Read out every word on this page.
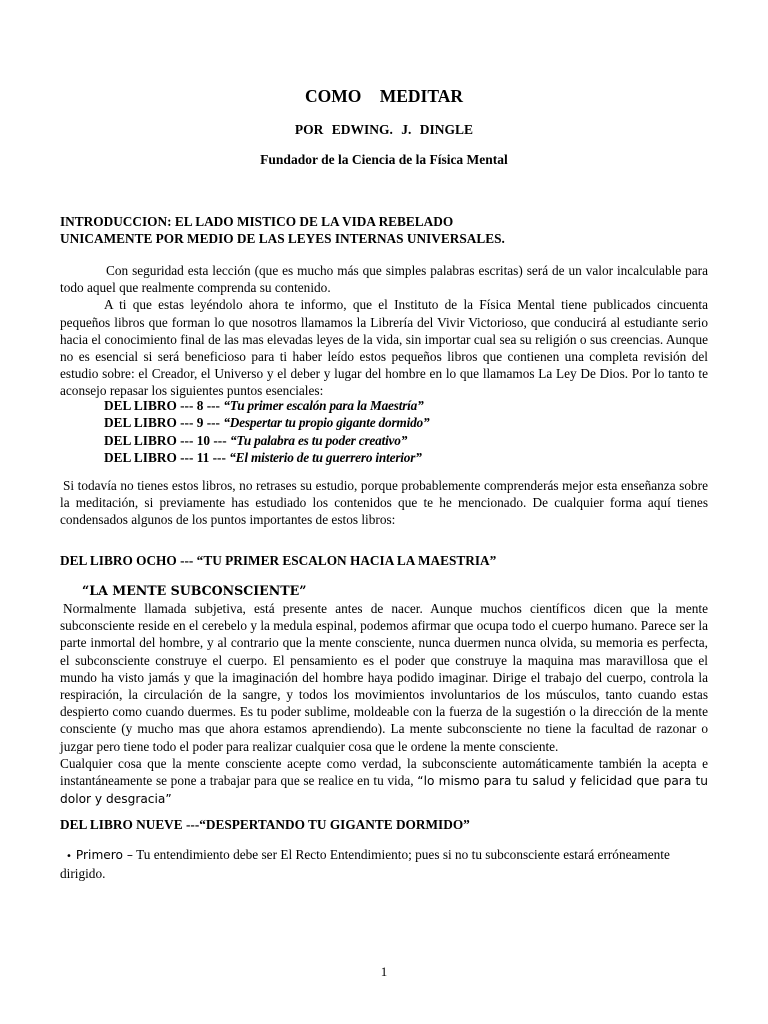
COMO MEDITAR
POR EDWING. J. DINGLE
Fundador de la Ciencia de la Física Mental
INTRODUCCION: EL LADO MISTICO DE LA VIDA REBELADO
UNICAMENTE POR MEDIO DE LAS LEYES INTERNAS UNIVERSALES.
Con seguridad esta lección (que es mucho más que simples palabras escritas) será de un valor incalculable para todo aquel que realmente comprenda su contenido.
A ti que estas leyéndolo ahora te informo, que el Instituto de la Física Mental tiene publicados cincuenta pequeños libros que forman lo que nosotros llamamos la Librería del Vivir Victorioso, que conducirá al estudiante serio hacia el conocimiento final de las mas elevadas leyes de la vida, sin importar cual sea su religión o sus creencias. Aunque no es esencial si será beneficioso para ti haber leído estos pequeños libros que contienen una completa revisión del estudio sobre: el Creador, el Universo y el deber y lugar del hombre en lo que llamamos La Ley De Dios. Por lo tanto te aconsejo repasar los siguientes puntos esenciales:
DEL LIBRO --- 8 --- “Tu primer escalón para la Maestría”
DEL LIBRO --- 9 --- “Despertar tu propio gigante dormido”
DEL LIBRO --- 10 --- “Tu palabra es tu poder creativo”
DEL LIBRO --- 11 --- “El misterio de tu guerrero interior”
Si todavía no tienes estos libros, no retrases su estudio, porque probablemente comprenderás mejor esta enseñanza sobre la meditación, si previamente has estudiado los contenidos que te he mencionado. De cualquier forma aquí tienes condensados algunos de los puntos importantes de estos libros:
DEL LIBRO OCHO --- “TU PRIMER ESCALON HACIA LA MAESTRIA”
“LA MENTE SUBCONSCIENTE”
Normalmente llamada subjetiva, está presente antes de nacer. Aunque muchos científicos dicen que la mente subconsciente reside en el cerebelo y la medula espinal, podemos afirmar que ocupa todo el cuerpo humano. Parece ser la parte inmortal del hombre, y al contrario que la mente consciente, nunca duermen nunca olvida, su memoria es perfecta, el subconsciente construye el cuerpo. El pensamiento es el poder que construye la maquina mas maravillosa que el mundo ha visto jamás y que la imaginación del hombre haya podido imaginar. Dirige el trabajo del cuerpo, controla la respiración, la circulación de la sangre, y todos los movimientos involuntarios de los músculos, tanto cuando estas despierto como cuando duermes. Es tu poder sublime, moldeable con la fuerza de la sugestión o la dirección de la mente consciente (y mucho mas que ahora estamos aprendiendo). La mente subconsciente no tiene la facultad de razonar o juzgar pero tiene todo el poder para realizar cualquier cosa que le ordene la mente consciente.
Cualquier cosa que la mente consciente acepte como verdad, la subconsciente automáticamente también la acepta e instantáneamente se pone a trabajar para que se realice en tu vida, “lo mismo para tu salud y felicidad que para tu dolor y desgracia”
DEL LIBRO NUEVE ---“DESPERTANDO TU GIGANTE DORMIDO”
• Primero – Tu entendimiento debe ser El Recto Entendimiento; pues si no tu subconsciente estará erróneamente dirigido.
1
